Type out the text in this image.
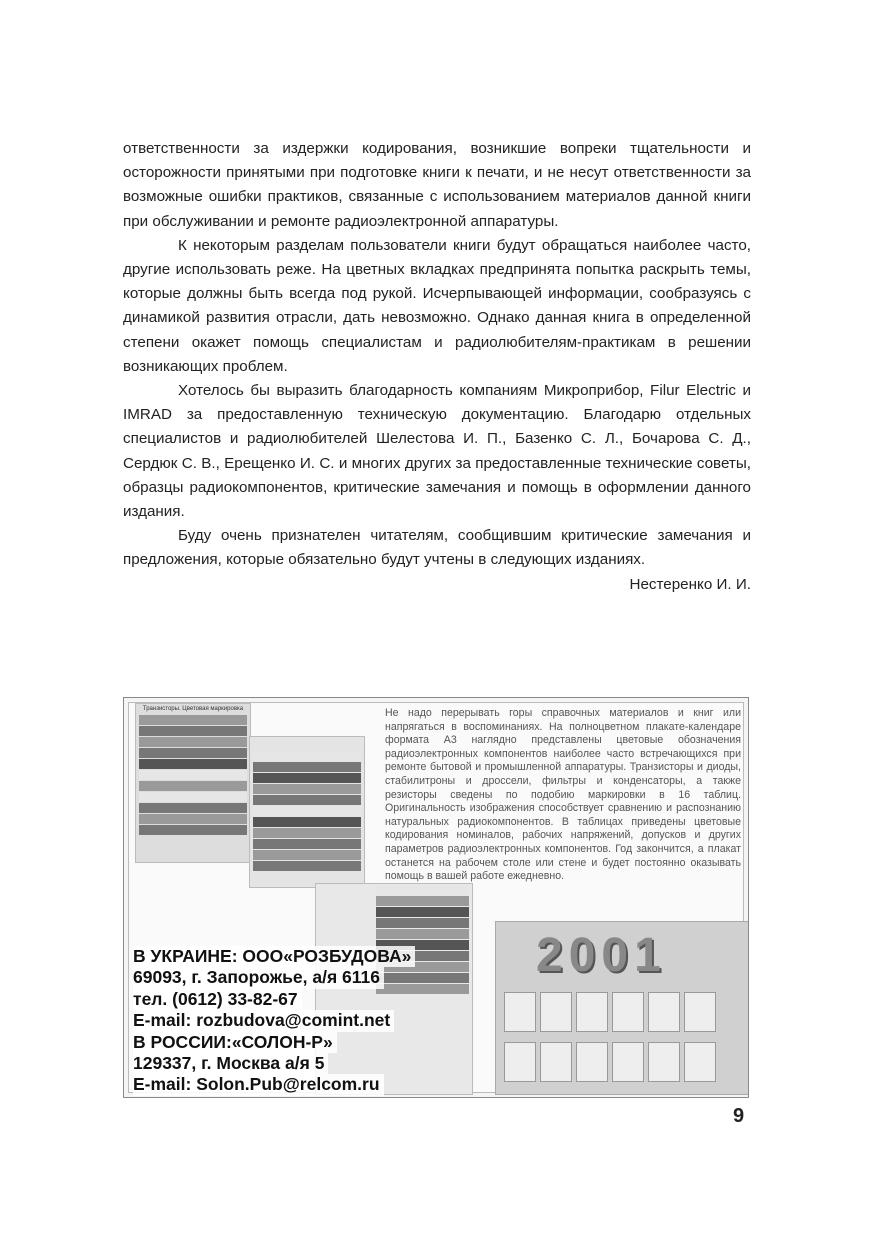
ответственности за издержки кодирования, возникшие вопреки тщательности и осторожности принятыми при подготовке книги к печати, и не несут ответственности за возможные ошибки практиков, связанные с использованием материалов данной книги при обслуживании и ремонте радиоэлектронной аппаратуры.

К некоторым разделам пользователи книги будут обращаться наиболее часто, другие использовать реже. На цветных вкладках предпринята попытка раскрыть темы, которые должны быть всегда под рукой. Исчерпывающей информации, сообразуясь с динамикой развития отрасли, дать невозможно. Однако данная книга в определенной степени окажет помощь специалистам и радиолюбителям-практикам в решении возникающих проблем.

Хотелось бы выразить благодарность компаниям Микроприбор, Filur Electric и IMRAD за предоставленную техническую документацию. Благодарю отдельных специалистов и радиолюбителей Шелестова И. П., Базенко С. Л., Бочарова С. Д., Сердюк С. В., Ерещенко И. С. и многих других за предоставленные технические советы, образцы радиокомпонентов, критические замечания и помощь в оформлении данного издания.

Буду очень признателен читателям, сообщившим критические замечания и предложения, которые обязательно будут учтены в следующих изданиях.

Нестеренко И. И.

Транзисторы. Цветовая маркировка	Не надо перерывать горы справочных материалов и книг или напрягаться в воспоминаниях. На полноцветном плакате-календаре формата А3 наглядно представлены цветовые обозначения радиоэлектронных компонентов наиболее часто встречающихся при ремонте бытовой и промышленной аппаратуры. Транзисторы и диоды, стабилитроны и дроссели, фильтры и конденсаторы, а также резисторы сведены по подобию маркировки в 16 таблиц. Оригинальность изображения способствует сравнению и распознанию натуральных радиокомпонентов. В таблицах приведены цветовые кодирования номиналов, рабочих напряжений, допусков и других параметров радиоэлектронных компонентов. Год закончится, а плакат останется на рабочем столе или стене и будет постоянно оказывать помощь в вашей работе ежедневно.
2001
В УКРАИНЕ: ООО«РОЗБУДОВА»
69093, г. Запорожье, а/я 6116
тел. (0612) 33-82-67
E-mail: rozbudova@comint.net
В РОССИИ:«СОЛОН-Р»
129337, г. Москва а/я 5
E-mail: Solon.Pub@relcom.ru
9
